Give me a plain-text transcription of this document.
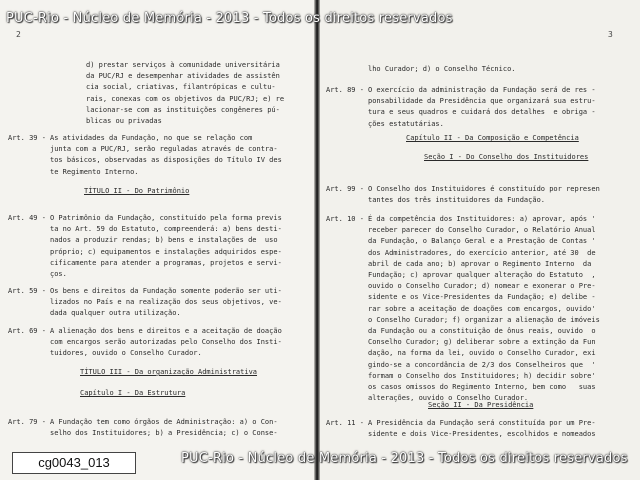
2
d) prestar serviços à comunidade universitária
da PUC/RJ e desempenhar atividades de assistên
cia social, criativas, filantrópicas e cultu-
rais, conexas com os objetivos da PUC/RJ; e) re
lacionar-se com as instituições congêneres pú-
blicas ou privadas
Art. 39 - As atividades da Fundação, no que se relação com
junta com a PUC/RJ, serão reguladas através de contra-
tos básicos, observadas as disposições do Título IV des
te Regimento Interno.
TÍTULO II - Do Patrimônio
Art. 49 - O Patrimônio da Fundação, constituído pela forma previs
ta no Art. 59 do Estatuto, compreenderá: a) bens desti-
nados a produzir rendas; b) bens e instalações de  uso
próprio; c) equipamentos e instalações adquiridos espe-
cificamente para atender a programas, projetos e servi-
ços.
Art. 59 - Os bens e direitos da Fundação somente poderão ser uti-
lizados no País e na realização dos seus objetivos, ve-
dada qualquer outra utilização.
Art. 69 - A alienação dos bens e direitos e a aceitação de doação
com encargos serão autorizadas pelo Conselho dos Insti-
tuidores, ouvido o Conselho Curador.
TÍTULO III - Da organização Administrativa
Capítulo I - Da Estrutura
Art. 79 - A Fundação tem como órgãos de Administração: a) o Con-
selho dos Instituidores; b) a Presidência; c) o Conse-
3
lho Curador; d) o Conselho Técnico.
Art. 89 - O exercício da administração da Fundação será de res -
ponsabilidade da Presidência que organizará sua estru-
tura e seus quadros e cuidará dos detalhes  e obriga -
ções estatutárias.
Capítulo II - Da Composição e Competência
Seção I - Do Conselho dos Instituidores
Art. 99 - O Conselho dos Instituidores é constituído por represen
tantes dos três instituidores da Fundação.
Art. 10 - É da competência dos Instituidores: a) aprovar, após '
receber parecer do Conselho Curador, o Relatório Anual
da Fundação, o Balanço Geral e a Prestação de Contas '
dos Administradores, do exercício anterior, até 30  de
abril de cada ano; b) aprovar o Regimento Interno  da
Fundação; c) aprovar qualquer alteração do Estatuto  ,
ouvido o Conselho Curador; d) nomear e exonerar o Pre-
sidente e os Vice-Presidentes da Fundação; e) delibe -
rar sobre a aceitação de doações com encargos, ouvido'
o Conselho Curador; f) organizar a alienação de imóveis
da Fundação ou a constituição de ônus reais, ouvido  o
Conselho Curador; g) deliberar sobre a extinção da Fun
dação, na forma da lei, ouvido o Conselho Curador, exi
gindo-se a concordância de 2/3 dos Conselheiros que  '
formam o Conselho dos Instituidores; h) decidir sobre'
os casos omissos do Regimento Interno, bem como   suas
alterações, ouvido o Conselho Curador.
Seção II - Da Presidência
Art. 11 - A Presidência da Fundação será constituída por um Pre-
sidente e dois Vice-Presidentes, escolhidos e nomeados
PUC-Rio - Núcleo de Memória - 2013 - Todos os direitos reservados
PUC-Rio - Núcleo de Memória - 2013 - Todos os direitos reservados
cg0043_013
